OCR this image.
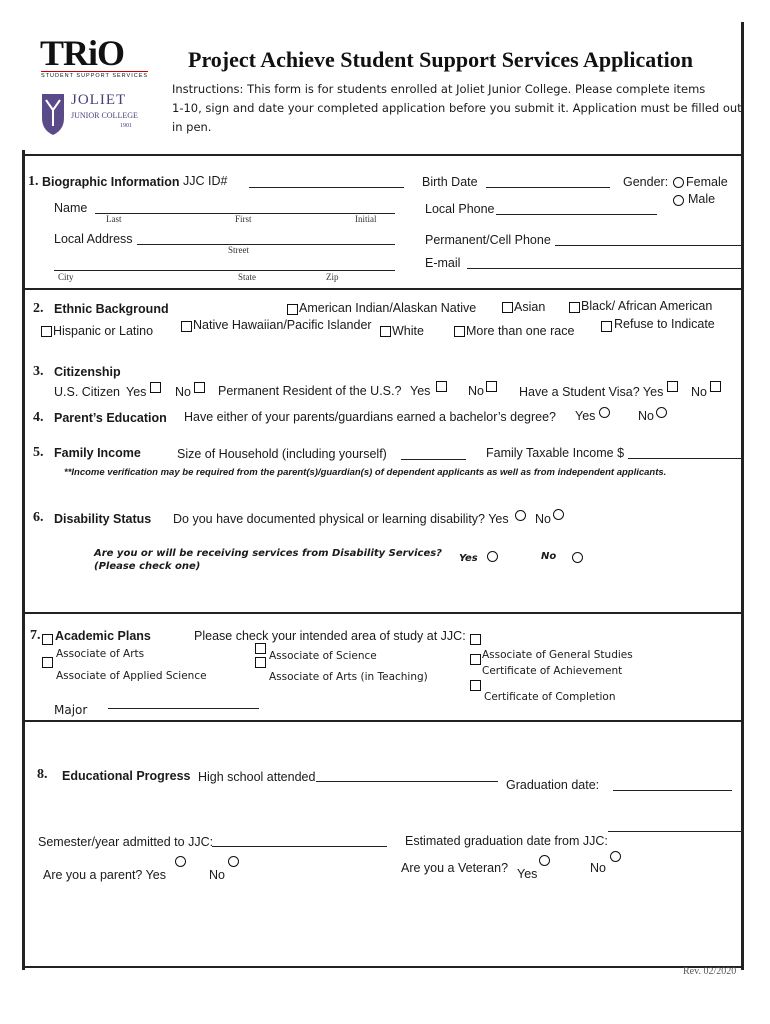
TRiO
STUDENT SUPPORT SERVICES
JOLIET
JUNIOR COLLEGE
1901
Project Achieve Student Support Services Application
Instructions: This form is for students enrolled at Joliet Junior College. Please complete items
1-10, sign and date your completed application before you submit it. Application must be filled out
in pen.
1. Biographic Information JJC ID#	Birth Date	Gender: Female
Male
Name
Last	First	Initial
Local Phone
Local Address
Street
Permanent/Cell Phone
E-mail
City	State	Zip
2. Ethnic Background	American Indian/Alaskan Native	Asian	Black/ African American
Hispanic or Latino	Native Hawaiian/Pacific Islander White	More than one race	Refuse to Indicate
3. Citizenship
U.S. Citizen Yes No Permanent Resident of the U.S.? Yes	No	Have a Student Visa? Yes No
4. Parent’s Education Have either of your parents/guardians earned a bachelor’s degree? Yes	No
5. Family Income	Size of Household (including yourself)	Family Taxable Income $
**Income verification may be required from the parent(s)/guardian(s) of dependent applicants as well as from independent applicants.
6. Disability Status Do you have documented physical or learning disability? Yes No
Are you or will be receiving services from Disability Services?
(Please check one)
Yes	No
7. Academic Plans	Please check your intended area of study at JJC:
Associate of Arts	Associate of Science	Associate of General Studies
Certificate of Achievement
Associate of Applied Science	Associate of Arts (in Teaching)
Certificate of Completion
Major
8. Educational Progress High school attended
Graduation date:
Semester/year admitted to JJC:	Estimated graduation date from JJC:
Are you a parent? Yes	No	Are you a Veteran? Yes	No
Rev. 02/2020
